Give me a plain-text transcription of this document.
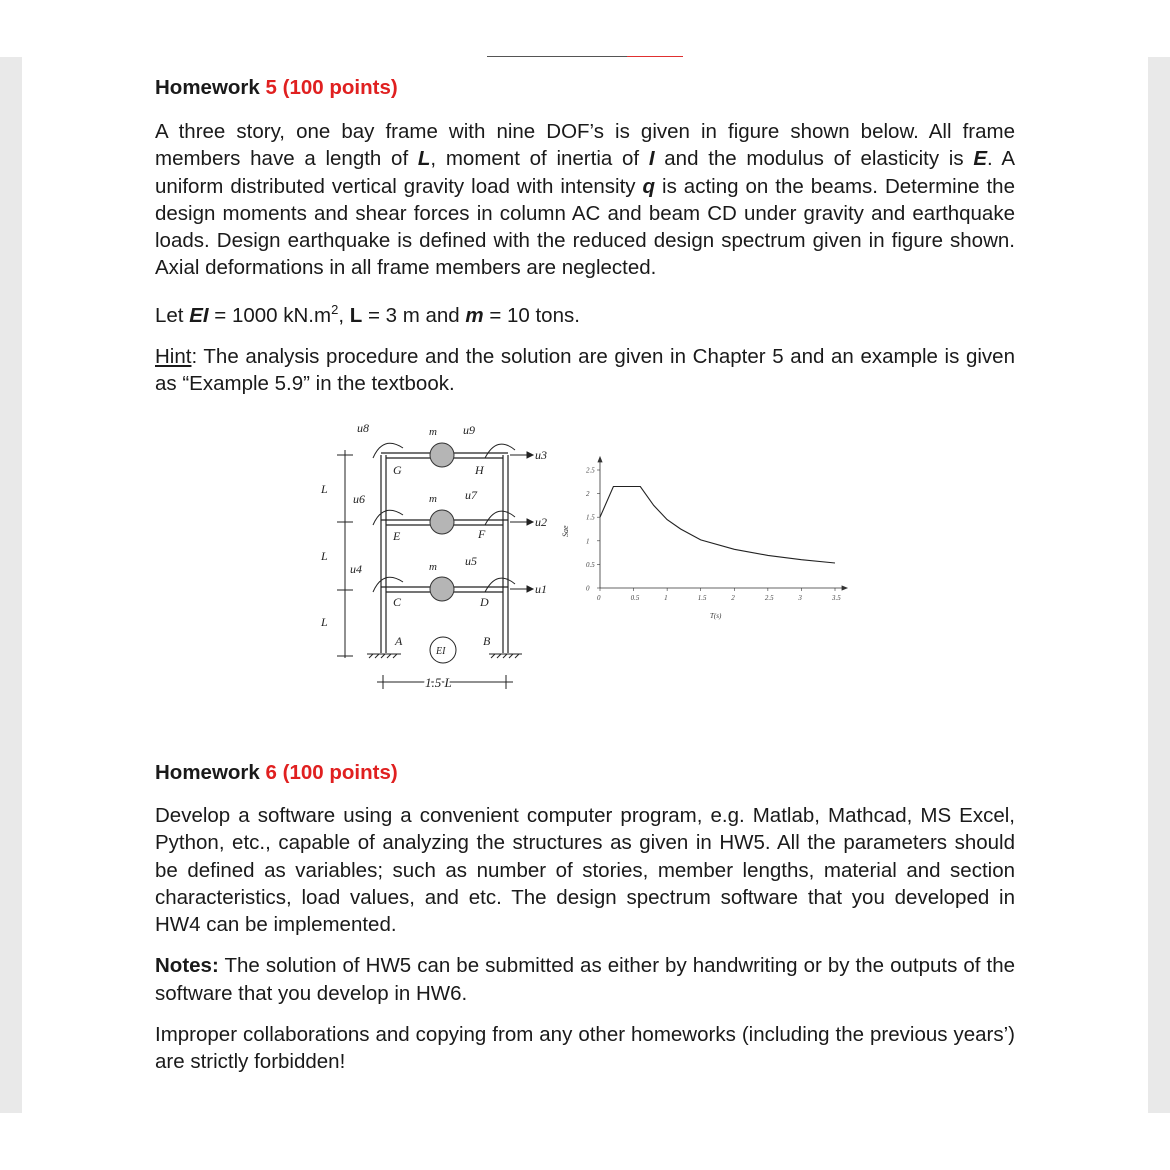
Homework 5 (100 points)

A three story, one bay frame with nine DOF’s is given in figure shown below. All frame members have a length of L, moment of inertia of I and the modulus of elasticity is E. A uniform distributed vertical gravity load with intensity q is acting on the beams. Determine the design moments and shear forces in column AC and beam CD under gravity and earthquake loads. Design earthquake is defined with the reduced design spectrum given in figure shown. Axial deformations in all frame members are neglected.

Let EI = 1000 $kN.m^2$, L = 3 m and m = 10 tons.

Hint: The analysis procedure and the solution are given in Chapter 5 and an example is given as “Example 5.9” in the textbook.

L
L
L
G	H
E	F
C	D
A	B
u8	u9
u6	u7
u4
u5
u3
u2
u1
m
m
m
EI
1.5 L
0	0.5	1	1.5	2	2.5	3	3.5
0
0.5
1
1.5
2
2.5
Sae
T(s)
Homework 6 (100 points)

Develop a software using a convenient computer program, e.g. Matlab, Mathcad, MS Excel, Python, etc., capable of analyzing the structures as given in HW5. All the parameters should be defined as variables; such as number of stories, member lengths, material and section characteristics, load values, and etc. The design spectrum software that you developed in HW4 can be implemented.

Notes: The solution of HW5 can be submitted as either by handwriting or by the outputs of the software that you develop in HW6.

Improper collaborations and copying from any other homeworks (including the previous years’) are strictly forbidden!
